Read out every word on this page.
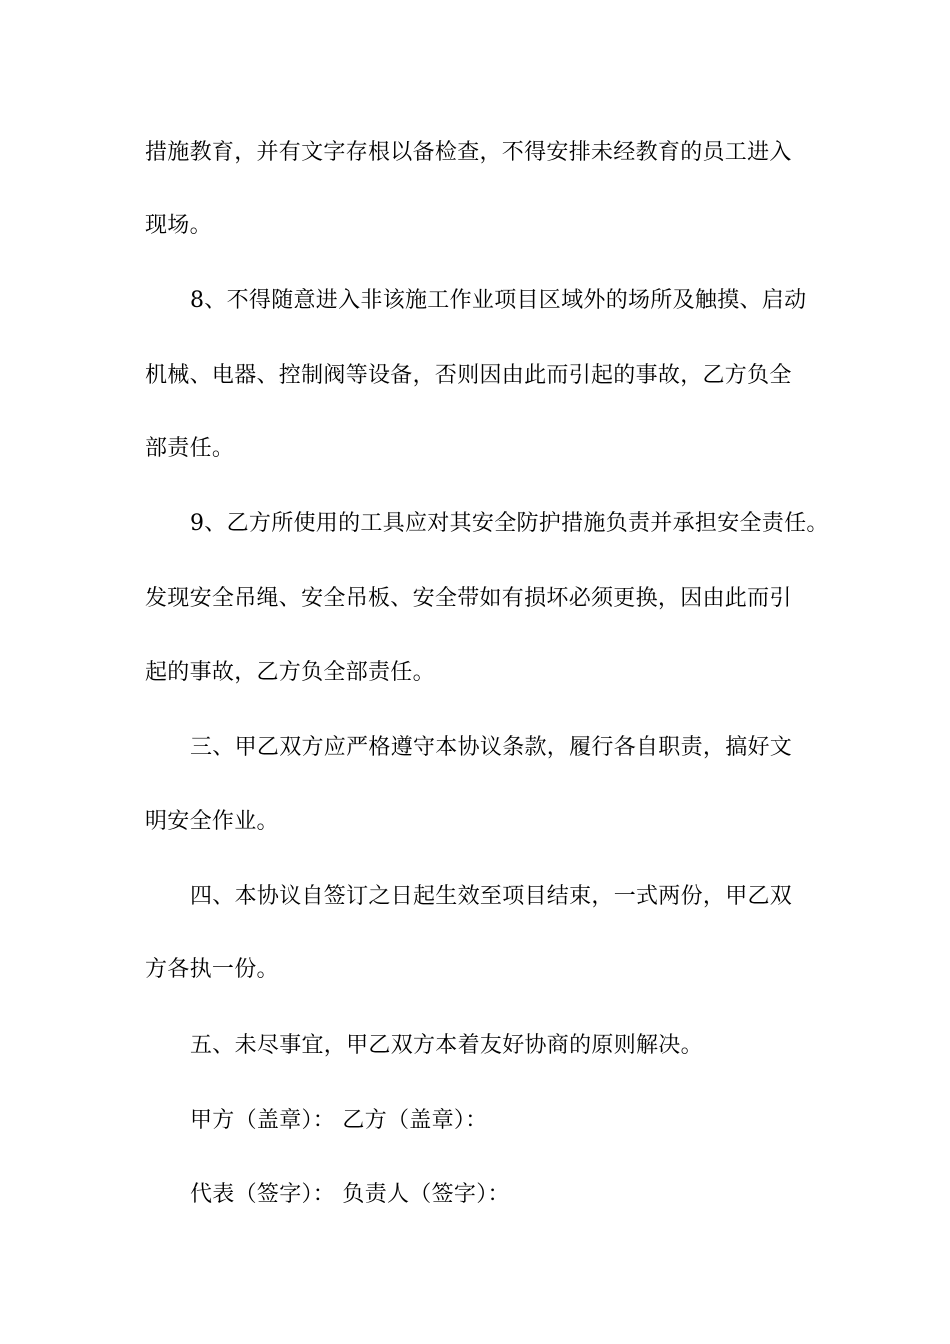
措施教育，并有文字存根以备检查，不得安排未经教育的员工进入
现场。
8、不得随意进入非该施工作业项目区域外的场所及触摸、启动
机械、电器、控制阀等设备，否则因由此而引起的事故，乙方负全
部责任。
9、乙方所使用的工具应对其安全防护措施负责并承担安全责任。
发现安全吊绳、安全吊板、安全带如有损坏必须更换，因由此而引
起的事故，乙方负全部责任。
三、甲乙双方应严格遵守本协议条款，履行各自职责，搞好文
明安全作业。
四、本协议自签订之日起生效至项目结束，一式两份，甲乙双
方各执一份。
五、未尽事宜，甲乙双方本着友好协商的原则解决。
甲方（盖章）： 乙方（盖章）：
代表（签字）： 负责人（签字）：
